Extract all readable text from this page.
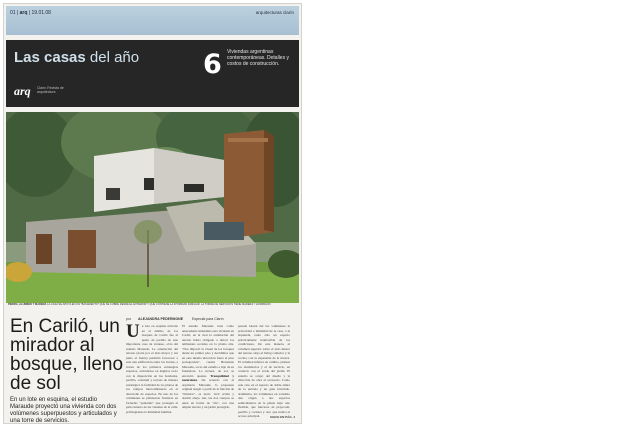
01 | arq | 19.01.08	arquitecturas clarín
Las casas del año 6 Viviendas argentinas contemporáneas. Detalles y costos de construcción.
arq Clarín Revista de arquitectura
PIEDRA, ALUMINIO Y MADERA LA CASA SE APOYA EN UN "BASAMENTO" QUE SE CUBRE DESDE EL EXTERIOR Y QUE CONTIENE LA INTIMIDAD FAMILIAR. LA TORRE DE SERVICIOS TIENE MADERA Y HORMIGÓN
En Cariló, un mirador al bosque, lleno de sol
En un lote en esquina, el estudio Maraude proyectó una vivienda con dos volúmenes superpuestos y articulados y una torre de servicios.
por ALEJANDRA PEDERMONE	Especial para Clarín
U n lote en esquina ubicado en el ámbito de los bosques de Cariló fue el punto de partida de este importante casa de veraneo, obra del estudio Maraude. La orientación del terreno (norte por el lado mayor y sur junto al frente) permitió favorecer a esta una edificación entre los bordes, a través de los primeros estrategias espacios, articulados en ángulos recto con la disposición en las bondades, parrilla, solarium y terraza de manera estratégica la facilidad de los planos de los campos intercambiando en el desarrollo de espacios. En uno de los volúmenes se plantearon fronteras en fachadas "pantallas" que protegen el patio interno de las visuales de la calle, privilegiando la intimidad familiar.
El estudio Maraude trata como antecedente inmediata esta vivienda en Cariló, en la cual la ondulación del terreno había obligado a ubicar los ambientes sociales en la planta alta. "Nos importó la visual de los bosques desde un primer piso y decidimos que en esta misma ubicación fuera el piso protagonista", cuenta Hernando Maraude, socio del estudio e hijo de su fundadora. La terraza, de sol, se encontró apenas. Tranquilidad y naturaleza. De acuerdo con el arquitecto Maraude, la propuesta original surgió a partir de la función de "mirador", es decir, vivir arriba y dormir abajo. Así, las dos cuerpos se unen en forma de "ele", con una amplia terraza y un jardín protegido.
pesado lateral del los volúmenes la privacidad e intimidad de la casa, a la izquierda, tanto sólo un espacio prácticamente inamovible de los condiciones. De esta manera, el volumen superior sobre el lado menor del terreno aloja el living comedor y la cocina, con la expansión de la terraza. El volumen inferior en cambio, plantea los dormitorios y el de servicio, en contacto con el verde del jardín. El estudio se ocupó del diseño y la dirección de obra al accesorio. Como este caso en el espacio de doble altura de la entrada y un guía invertido. Asimismo, los volúmenes en voladizo dan origen a dos espacios semicubiertos en la planta baja: uno flexible, que funciona de playroom, parrilla y cochera y otro que indica el acceso principal.	SIGUE EN PÁG. 4
